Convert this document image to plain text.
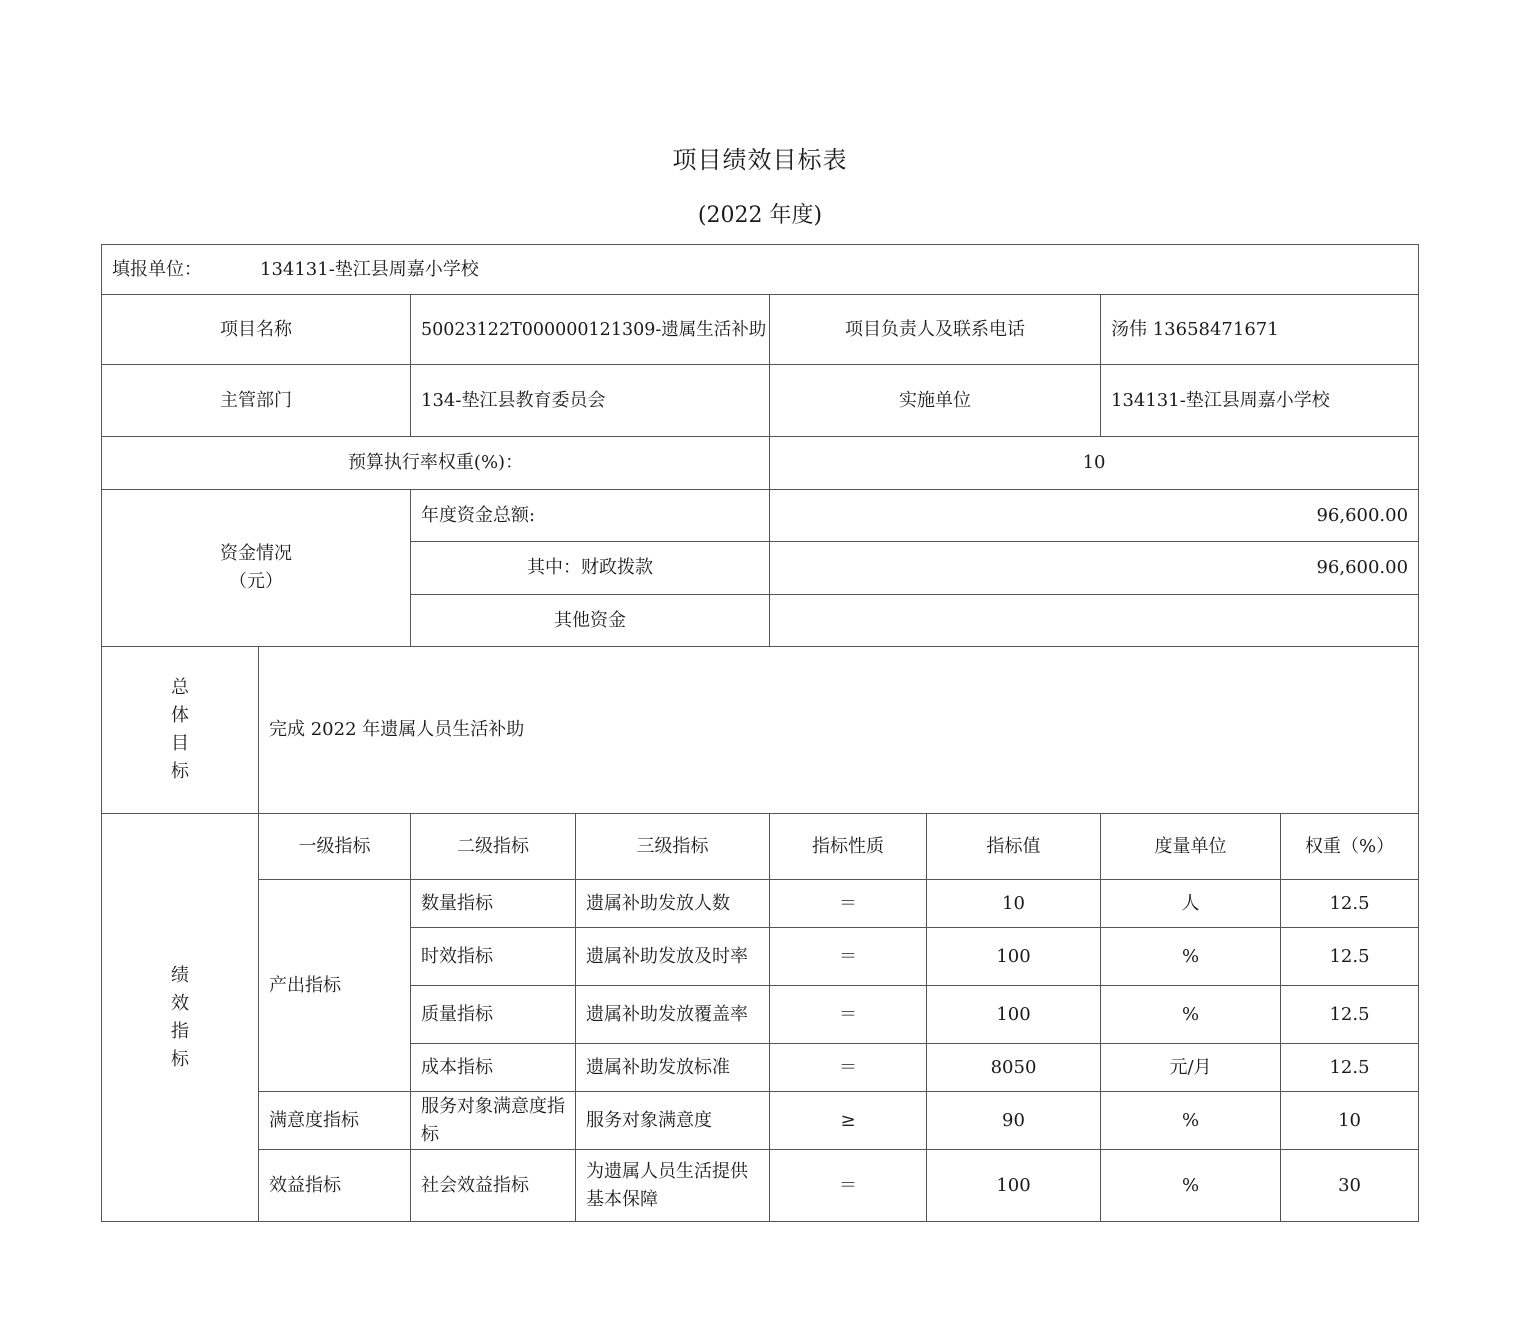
项目绩效目标表
(2022 年度)
填报单位： 134131-垫江县周嘉小学校							
项目名称		50023122T000000121309-遗属生活补助		项目负责人及联系电话		汤伟 13658471671	
主管部门		134-垫江县教育委员会		实施单位		134131-垫江县周嘉小学校	
预算执行率权重(%)：				10			
资金情况
（元）		年度资金总额:		96,600.00			
		其中：财政拨款		96,600.00			
		其他资金					

总
体
目
标	完成 2022 年遗属人员生活补助						

绩
效
指
标	一级指标	二级指标	三级指标	指标性质	指标值	度量单位	权重（%）
	产出指标	数量指标	遗属补助发放人数	＝	10	人	12.5
		时效指标	遗属补助发放及时率	＝	100	%	12.5
		质量指标	遗属补助发放覆盖率	＝	100	%	12.5
		成本指标	遗属补助发放标准	＝	8050	元/月	12.5
	满意度指标	服务对象满意度指标	服务对象满意度	≥	90	%	10
	效益指标	社会效益指标	为遗属人员生活提供基本保障	＝	100	%	30
